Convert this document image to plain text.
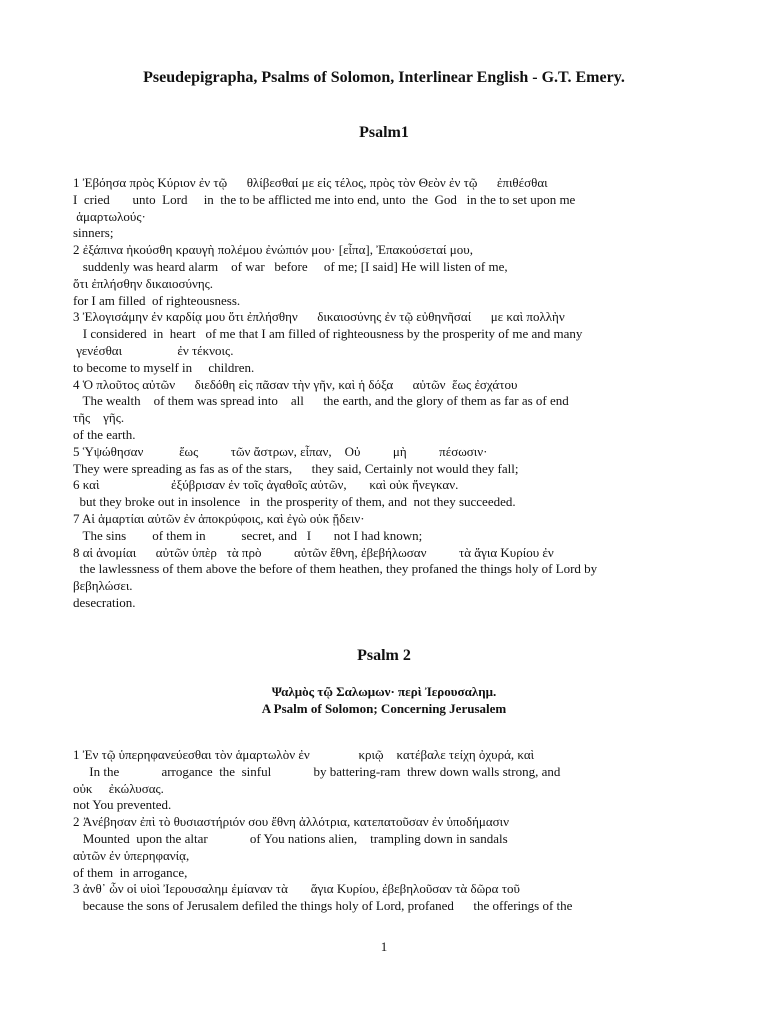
Pseudepigrapha, Psalms of Solomon, Interlinear English - G.T. Emery.
Psalm1
1 Ἐβόησα πρὸς Κύριον ἐν τῷ      θλίβεσθαί με εἰς τέλος, πρὸς τὸν Θεὸν ἐν τῷ      ἐπιθέσθαι
I  cried       unto  Lord     in  the to be afflicted me into end, unto  the  God   in the to set upon me
ἁμαρτωλούς·
sinners;
2 ἐξάπινα ἠκούσθη κραυγὴ πολέμου ἐνώπιόν μου· [εἶπα], Ἐπακούσεταί μου,
suddenly was heard alarm    of war   before     of me; [I said] He will listen of me,
ὅτι ἐπλήσθην δικαιοσύνης.
for I am filled  of righteousness.
3 Ἐλογισάμην ἐν καρδίᾳ μου ὅτι ἐπλήσθην      δικαιοσύνης ἐν τῷ εὐθηνῆσαί      με καὶ πολλὴν
I considered  in  heart   of me that I am filled of righteousness by the prosperity of me and many
γενέσθαι                 ἐν τέκνοις.
to become to myself in     children.
4 Ὁ πλοῦτος αὐτῶν      διεδόθη εἰς πᾶσαν τὴν γῆν, καὶ ἡ δόξα      αὐτῶν  ἕως ἐσχάτου
The wealth    of them was spread into    all      the earth, and the glory of them as far as of end
τῆς    γῆς.
of the earth.
5 Ὑψώθησαν           ἕως          τῶν ἄστρων, εἶπαν,    Οὐ          μὴ          πέσωσιν·
They were spreading as fas as of the stars,      they said, Certainly not would they fall;
6 καὶ                      ἐξύβρισαν ἐν τοῖς ἀγαθοῖς αὐτῶν,       καὶ οὐκ ἤνεγκαν.
but they broke out in insolence   in  the prosperity of them, and  not they succeeded.
7 Αἱ ἁμαρτίαι αὐτῶν ἐν ἀποκρύφοις, καὶ ἐγὼ οὐκ ᾔδειν·
The sins        of them in           secret, and   I       not I had known;
8 αἱ ἀνομίαι      αὐτῶν ὑπὲρ   τὰ πρὸ          αὐτῶν ἔθνη, ἐβεβήλωσαν          τὰ ἅγια Κυρίου ἐν
the lawlessness of them above the before of them heathen, they profaned the things holy of Lord by
βεβηλώσει.
desecration.
Psalm 2
Ψαλμὸς τῷ Σαλωμων· περὶ Ἰερουσαλημ.
A Psalm of Solomon; Concerning Jerusalem
1 Ἐν τῷ ὑπερηφανεύεσθαι τὸν ἁμαρτωλὸν ἐν               κριῷ    κατέβαλε τείχη ὀχυρά, καὶ
In the             arrogance  the  sinful             by battering-ram  threw down walls strong, and
οὐκ     ἐκώλυσας.
not You prevented.
2 Ἀνέβησαν ἐπὶ τὸ θυσιαστήριόν σου ἔθνη ἀλλότρια, κατεπατοῦσαν ἐν ὑποδήμασιν
Mounted  upon the altar             of You nations alien,    trampling down in sandals
αὐτῶν ἐν ὑπερηφανίᾳ,
of them  in arrogance,
3 ἀνθ᾽ ὧν οἱ υἱοὶ Ἰερουσαλημ ἐμίαναν τὰ       ἅγια Κυρίου, ἐβεβηλοῦσαν τὰ δῶρα τοῦ
because the sons of Jerusalem defiled the things holy of Lord, profaned      the offerings of the
1
